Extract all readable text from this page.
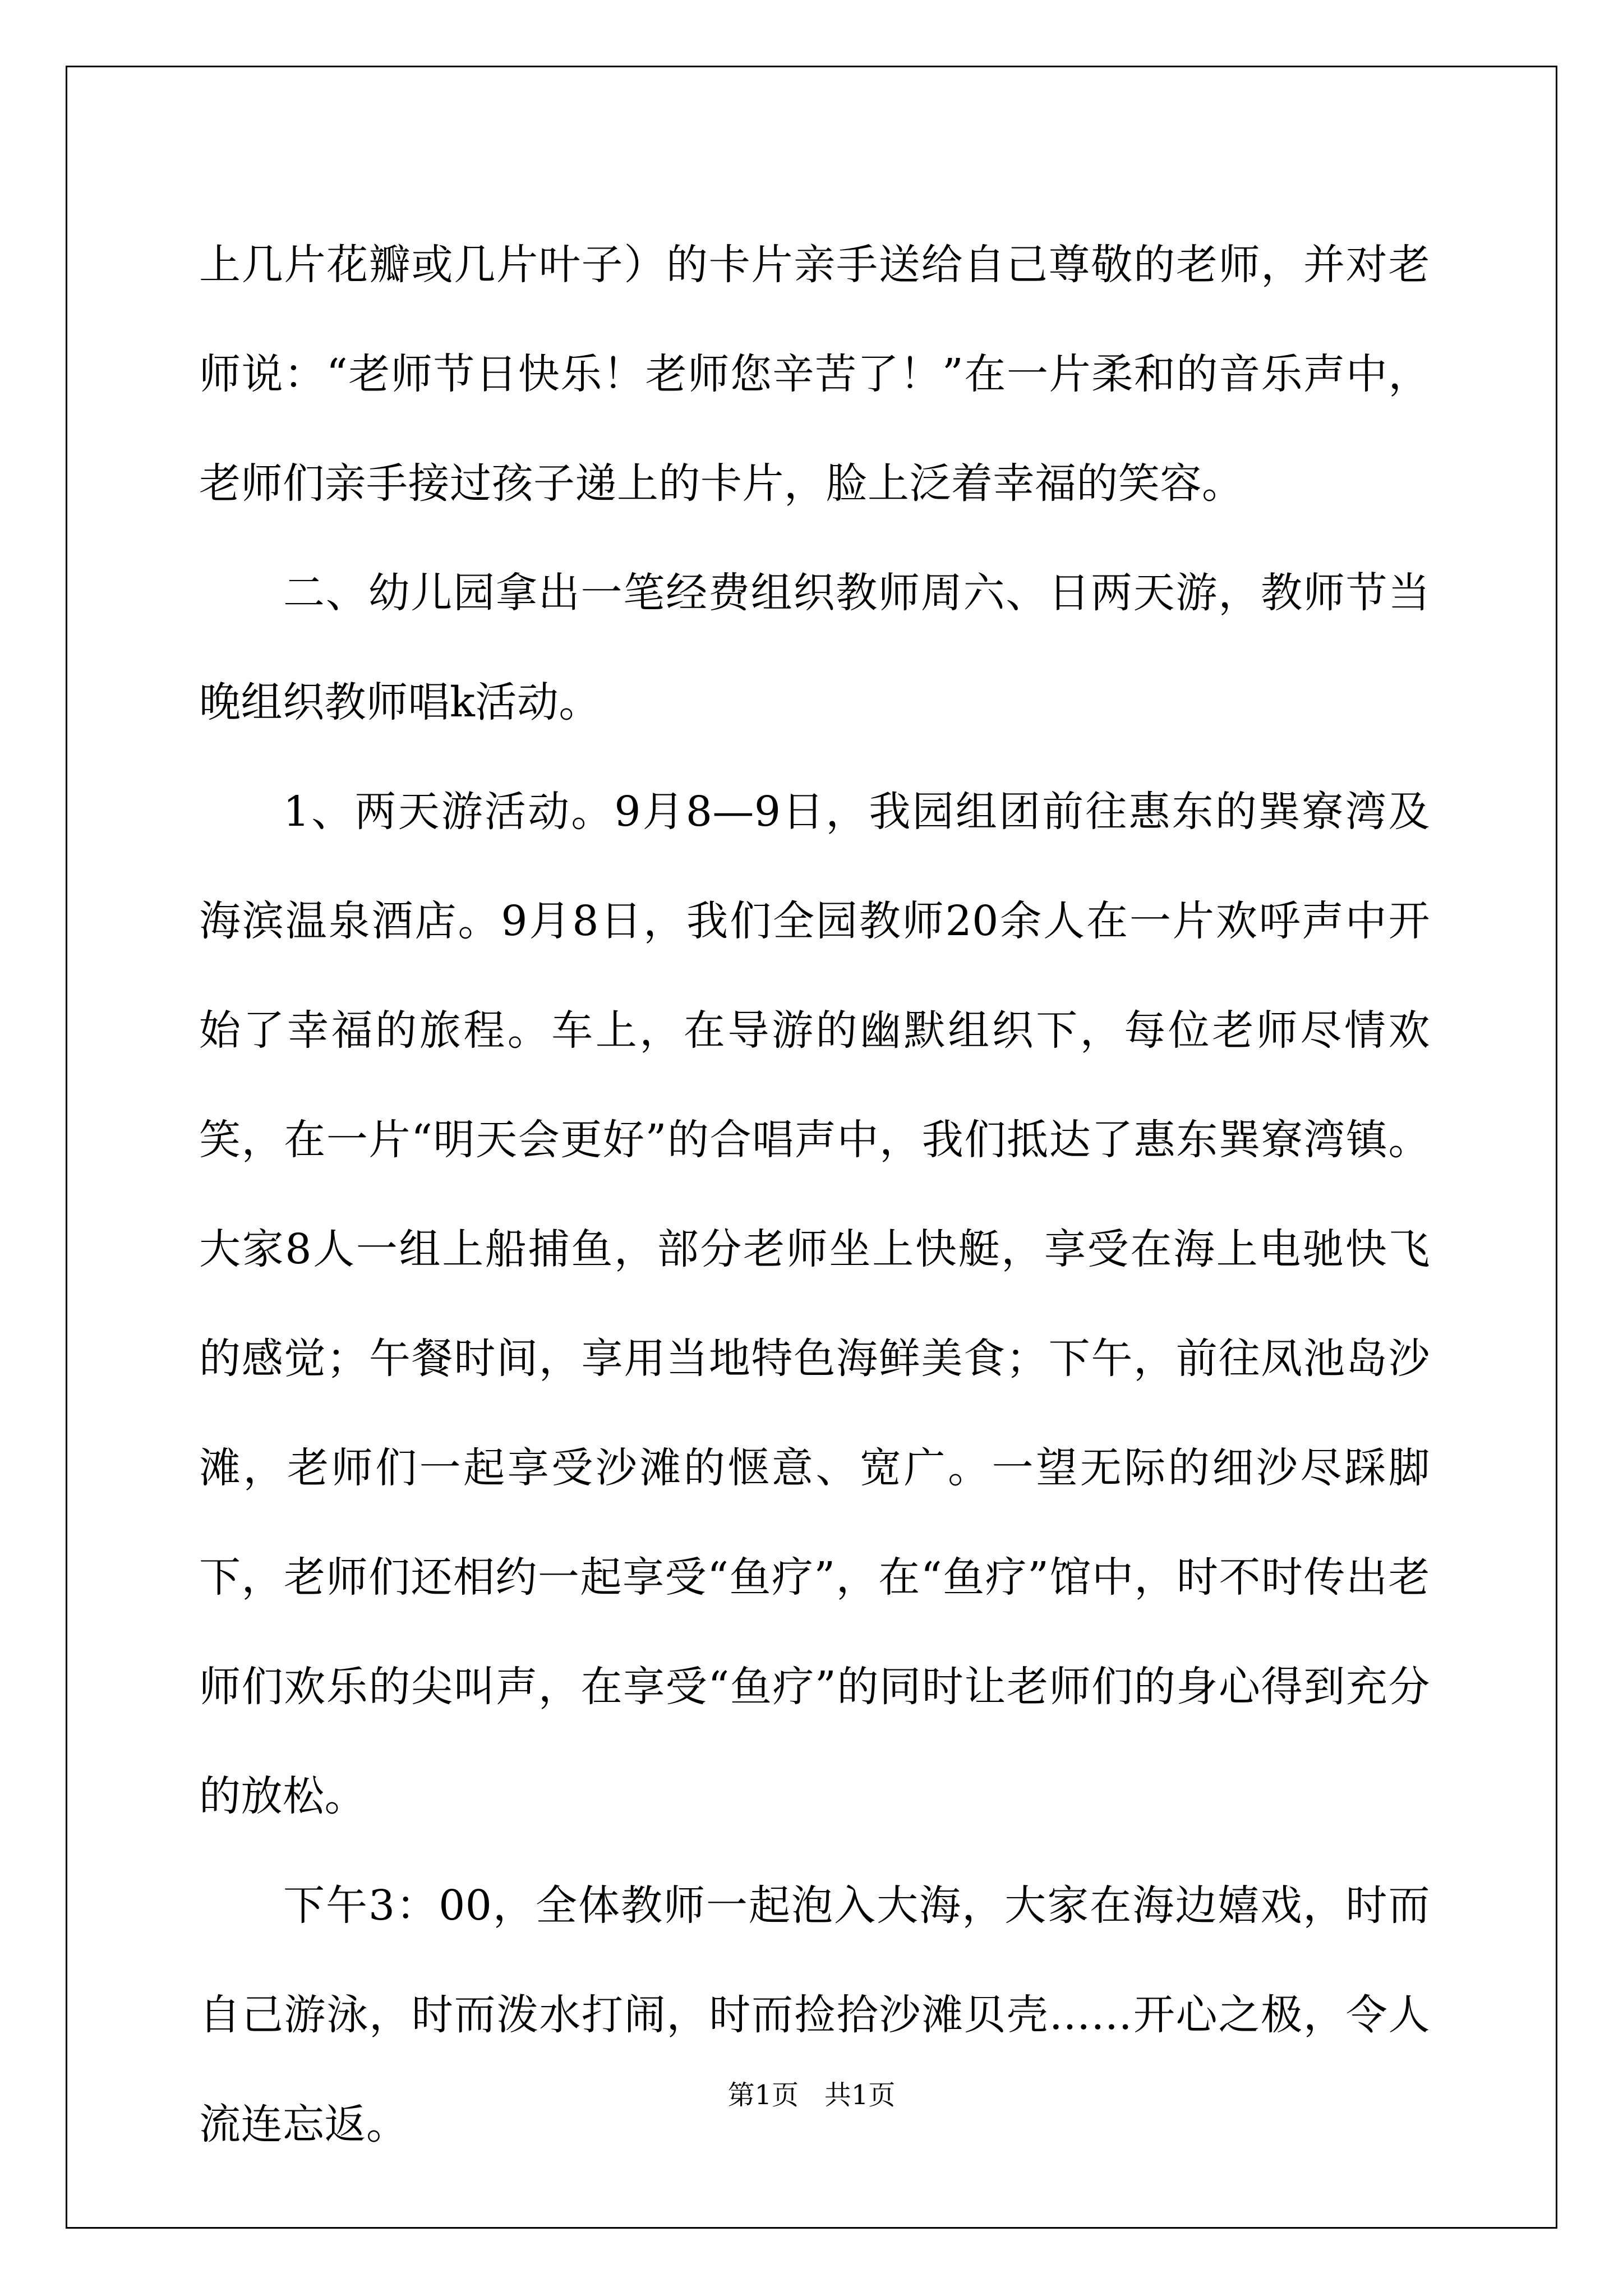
上几片花瓣或几片叶子）的卡片亲手送给自己尊敬的老师，并对老师说：“老师节日快乐！老师您辛苦了！”在一片柔和的音乐声中，老师们亲手接过孩子递上的卡片，脸上泛着幸福的笑容。

二、幼儿园拿出一笔经费组织教师周六、日两天游，教师节当晚组织教师唱k活动。

1、两天游活动。9月8—9日，我园组团前往惠东的巽寮湾及海滨温泉酒店。9月8日，我们全园教师20余人在一片欢呼声中开始了幸福的旅程。车上，在导游的幽默组织下，每位老师尽情欢笑，在一片“明天会更好”的合唱声中，我们抵达了惠东巽寮湾镇。大家8人一组上船捕鱼，部分老师坐上快艇，享受在海上电驰快飞的感觉；午餐时间，享用当地特色海鲜美食；下午，前往凤池岛沙滩，老师们一起享受沙滩的惬意、宽广。一望无际的细沙尽踩脚下，老师们还相约一起享受“鱼疗”，在“鱼疗”馆中，时不时传出老师们欢乐的尖叫声，在享受“鱼疗”的同时让老师们的身心得到充分的放松。

下午3：00，全体教师一起泡入大海，大家在海边嬉戏，时而自己游泳，时而泼水打闹，时而捡拾沙滩贝壳……开心之极，令人流连忘返。

第1页   共1页
